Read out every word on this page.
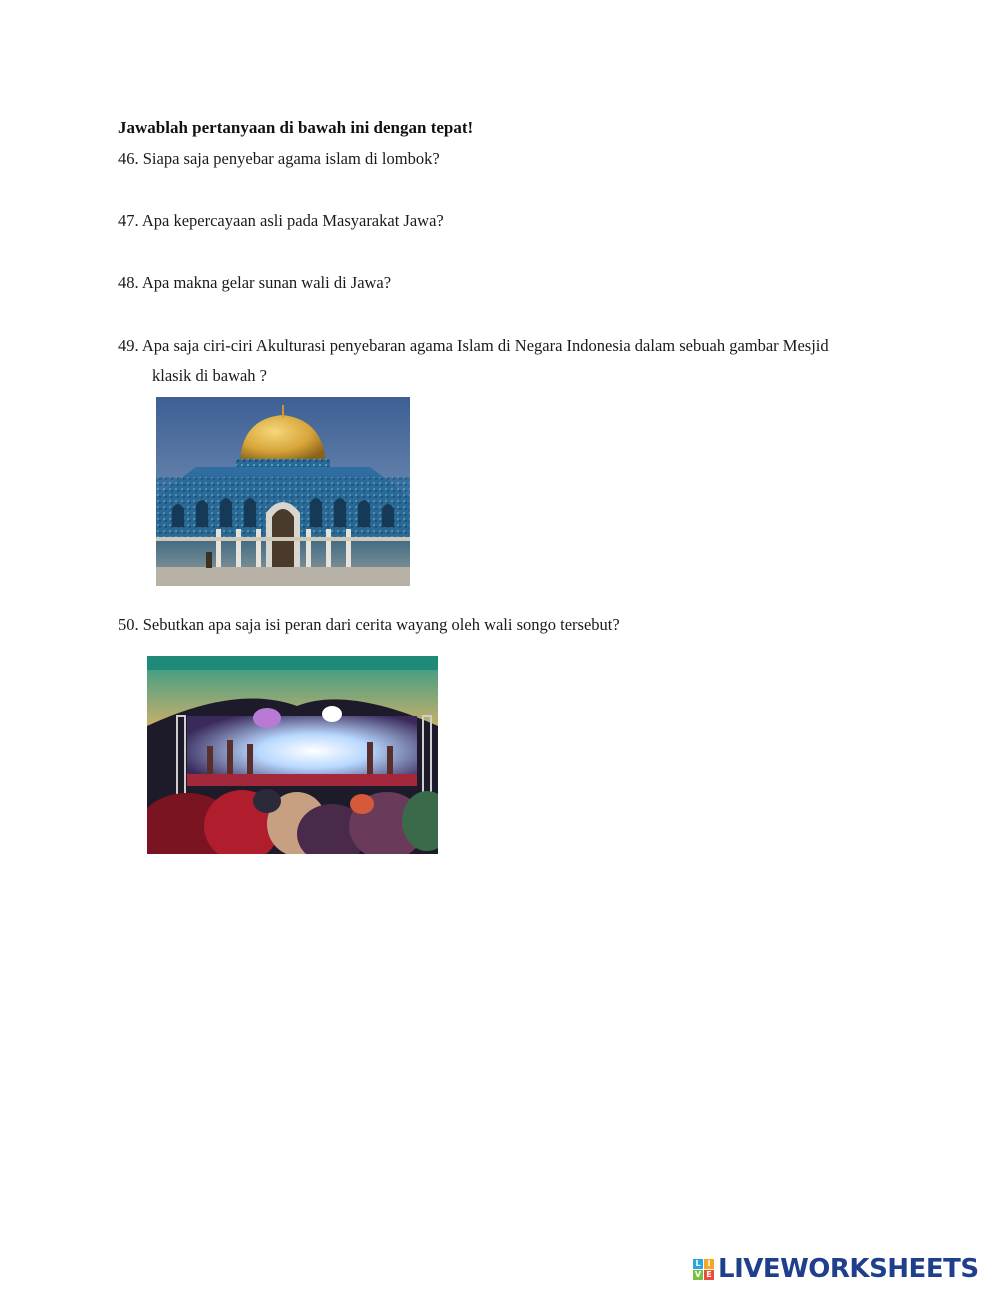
Jawablah pertanyaan di bawah ini dengan tepat!
46. Siapa saja penyebar agama islam di lombok?
47. Apa kepercayaan asli pada Masyarakat Jawa?
48. Apa makna gelar sunan wali di Jawa?
49. Apa saja ciri-ciri Akulturasi penyebaran agama Islam di Negara Indonesia dalam sebuah gambar Mesjid
klasik di bawah ?
50. Sebutkan apa saja isi peran dari cerita wayang oleh wali songo tersebut?
L I
V E LIVEWORKSHEETS
